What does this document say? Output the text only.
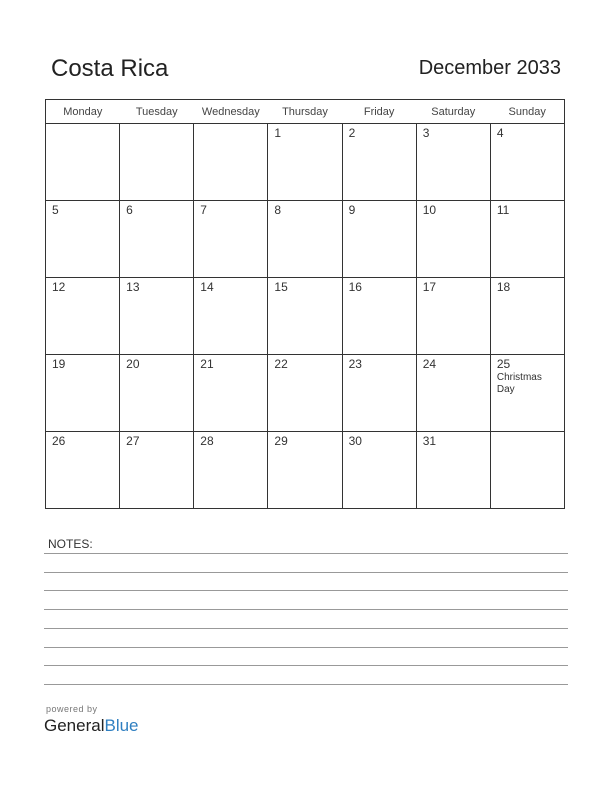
Costa Rica	December 2033
Monday	Tuesday	Wednesday	Thursday	Friday	Saturday	Sunday

			1	2	3	4

5	6	7	8	9	10	11

12	13	14	15	16	17	18

19	20	21	22	23	24	25
Christmas Day

26	27	28	29	30	31	

NOTES:
powered by
GeneralBlue
